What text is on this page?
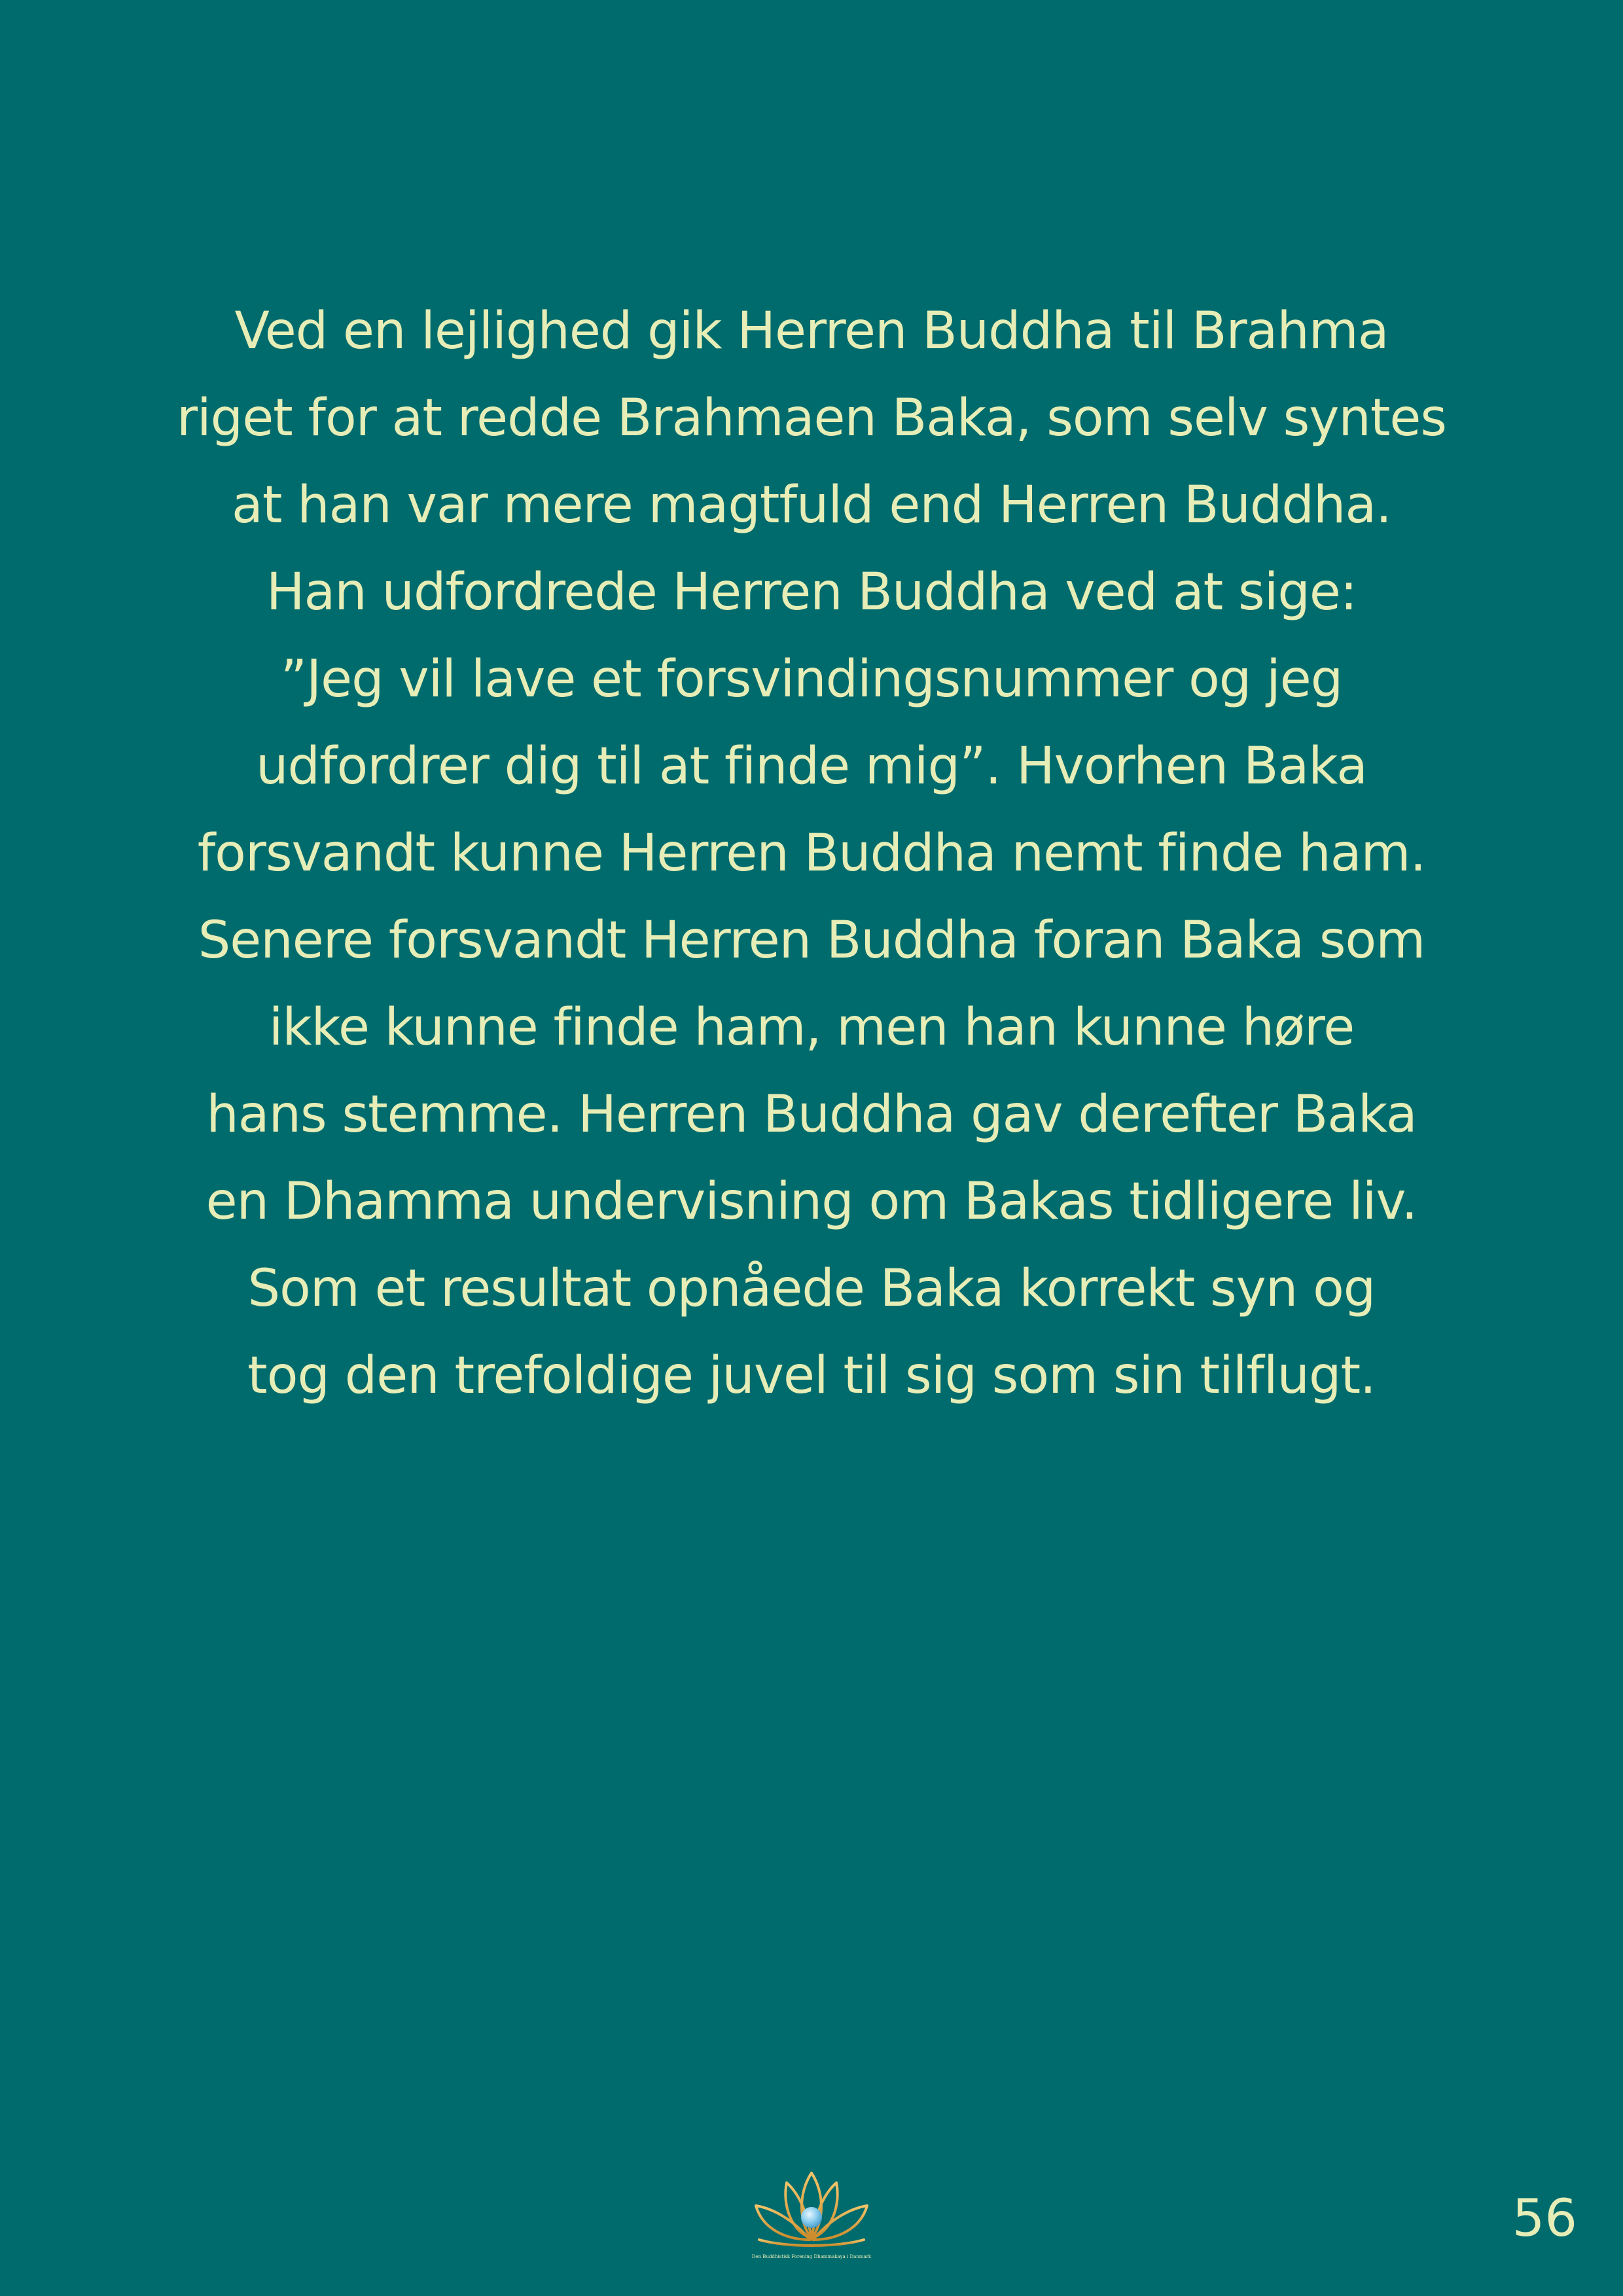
Ved en lejlighed gik Herren Buddha til Brahma
riget for at redde Brahmaen Baka, som selv syntes
at han var mere magtfuld end Herren Buddha.
Han udfordrede Herren Buddha ved at sige:
”Jeg vil lave et forsvindingsnummer og jeg
udfordrer dig til at finde mig”. Hvorhen Baka
forsvandt kunne Herren Buddha nemt finde ham.
Senere forsvandt Herren Buddha foran Baka som
ikke kunne finde ham, men han kunne høre
hans stemme. Herren Buddha gav derefter Baka
en Dhamma undervisning om Bakas tidligere liv.
Som et resultat opnåede Baka korrekt syn og
tog den trefoldige juvel til sig som sin tilflugt.
Den Buddhistisk Forening Dhammakaya i Danmark
56
